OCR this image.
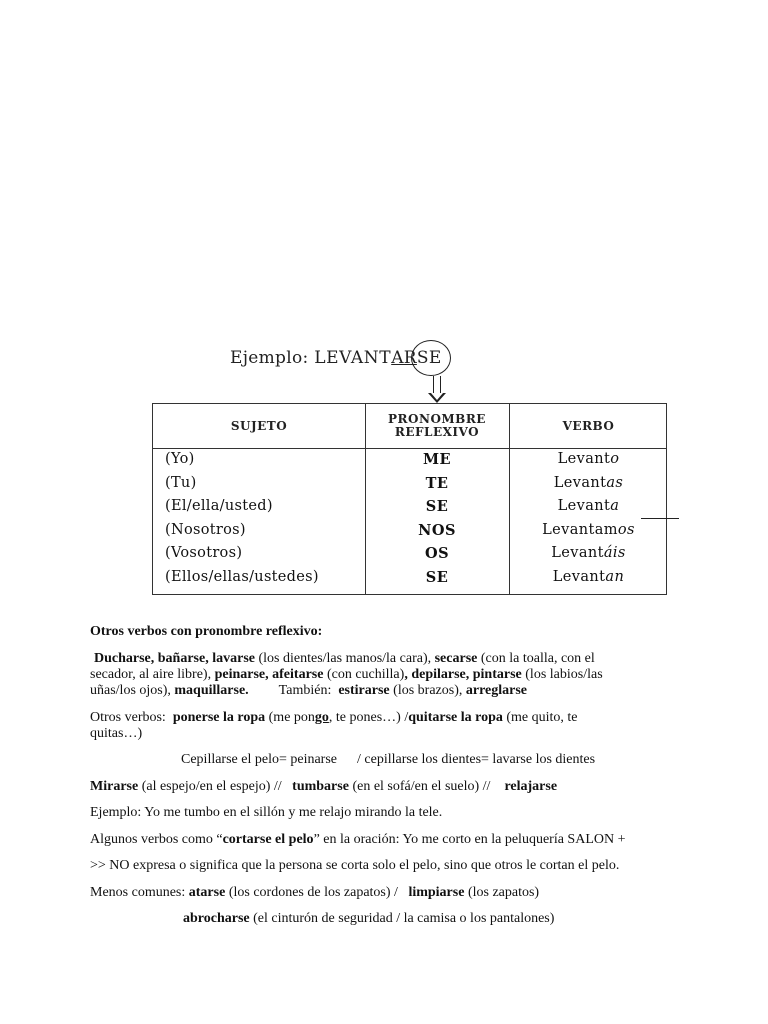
Ejemplo: LEVANTAR
SE
SUJETO	PRONOMBRE REFLEXIVO	VERBO
(Yo)	ME	Levanto
(Tu)	TE	Levantas
(El/ella/usted)	SE	Levanta
(Nosotros)	NOS	Levantamos
(Vosotros)	OS	Levantáis
(Ellos/ellas/ustedes)	SE	Levantan
Otros verbos con pronombre reflexivo:
Ducharse, bañarse, lavarse (los dientes/las manos/la cara), secarse (con la toalla, con el
secador, al aire libre), peinarse, afeitarse (con cuchilla), depilarse, pintarse (los labios/las
uñas/los ojos), maquillarse. También: estirarse (los brazos), arreglarse
Otros verbos: ponerse la ropa (me pongo, te pones…) /quitarse la ropa (me quito, te
quitas…)
Cepillarse el pelo= peinarse / cepillarse los dientes= lavarse los dientes
Mirarse (al espejo/en el espejo) // tumbarse (en el sofá/en el suelo) // relajarse
Ejemplo: Yo me tumbo en el sillón y me relajo mirando la tele.
Algunos verbos como “cortarse el pelo” en la oración: Yo me corto en la peluquería SALON +
>> NO expresa o significa que la persona se corta solo el pelo, sino que otros le cortan el pelo.
Menos comunes: atarse (los cordones de los zapatos) / limpiarse (los zapatos)
abrocharse (el cinturón de seguridad / la camisa o los pantalones)
